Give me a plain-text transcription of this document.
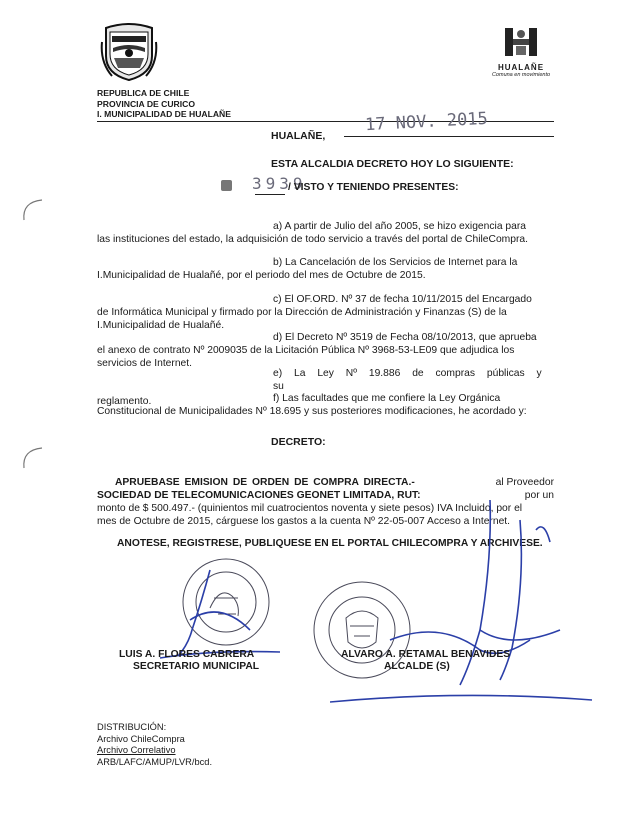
HUALAÑE
Comuna en movimiento
REPUBLICA DE CHILE
PROVINCIA DE CURICO
I. MUNICIPALIDAD DE HUALAÑE
HUALAÑE,
17 NOV. 2015
ESTA ALCALDIA DECRETO HOY LO SIGUIENTE:
3939
/ VISTO Y TENIENDO PRESENTES:
a) A partir de Julio del año 2005, se hizo exigencia para
las instituciones del estado, la adquisición de todo servicio a través del portal de ChileCompra.
b) La Cancelación de los Servicios de Internet para la
I.Municipalidad de Hualañé, por el periodo del mes de Octubre de 2015.
c) El OF.ORD. Nº 37 de fecha 10/11/2015 del Encargado
de Informática Municipal y firmado por la Dirección de Administración y Finanzas (S) de la
I.Municipalidad de Hualañé.
d) El Decreto Nº 3519 de Fecha 08/10/2013, que aprueba
el anexo de contrato Nº 2009035 de la Licitación Pública Nº 3968-53-LE09 que adjudica los
servicios de Internet.
e) La Ley Nº 19.886 de compras públicas y su
reglamento.	f) Las facultades que me confiere la Ley Orgánica
Constitucional de Municipalidades Nº 18.695 y sus posteriores modificaciones, he acordado y:
DECRETO:
APRUEBASE EMISION DE ORDEN DE COMPRA DIRECTA.-	al Proveedor
SOCIEDAD DE TELECOMUNICACIONES GEONET LIMITADA, RUT:	por un
monto de $ 500.497.- (quinientos mil cuatrocientos noventa y siete pesos) IVA Incluido, por el
mes de Octubre de 2015, cárguese los gastos a la cuenta Nº 22-05-007 Acceso a Internet.
ANOTESE, REGISTRESE, PUBLIQUESE EN EL PORTAL CHILECOMPRA Y ARCHIVESE.
LUIS A. FLORES CABRERA
SECRETARIO MUNICIPAL
ALVARO A. RETAMAL BENAVIDES
ALCALDE (S)
DISTRIBUCIÓN:
Archivo ChileCompra
Archivo Correlativo
ARB/LAFC/AMUP/LVR/bcd.
